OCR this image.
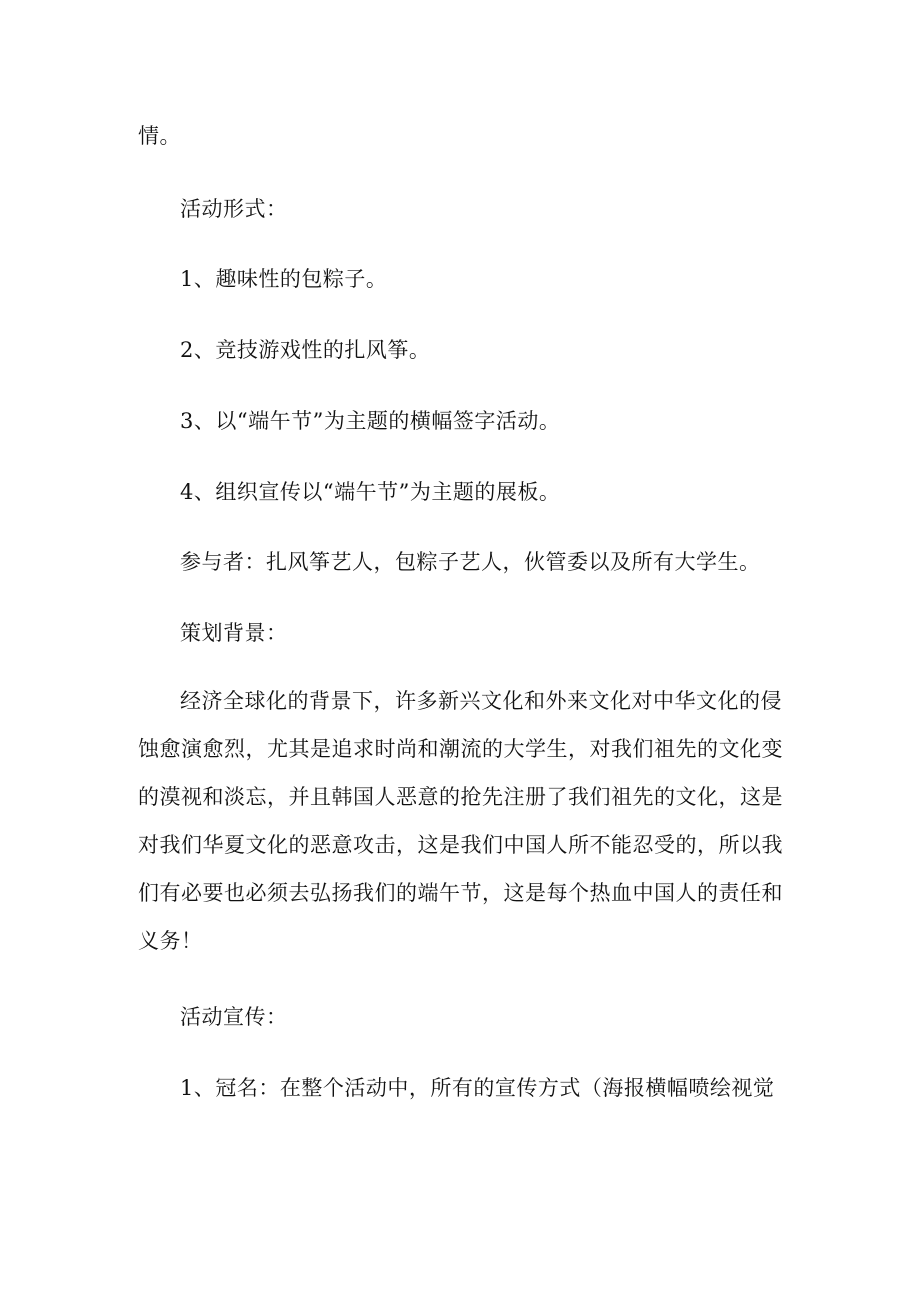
情。
活动形式：
1、趣味性的包粽子。
2、竞技游戏性的扎风筝。
3、以“端午节”为主题的横幅签字活动。
4、组织宣传以“端午节”为主题的展板。
参与者：扎风筝艺人，包粽子艺人，伙管委以及所有大学生。
策划背景：
经济全球化的背景下，许多新兴文化和外来文化对中华文化的侵
蚀愈演愈烈，尤其是追求时尚和潮流的大学生，对我们祖先的文化变
的漠视和淡忘，并且韩国人恶意的抢先注册了我们祖先的文化，这是
对我们华夏文化的恶意攻击，这是我们中国人所不能忍受的，所以我
们有必要也必须去弘扬我们的端午节，这是每个热血中国人的责任和
义务！
活动宣传：
1、冠名：在整个活动中，所有的宣传方式（海报横幅喷绘视觉
